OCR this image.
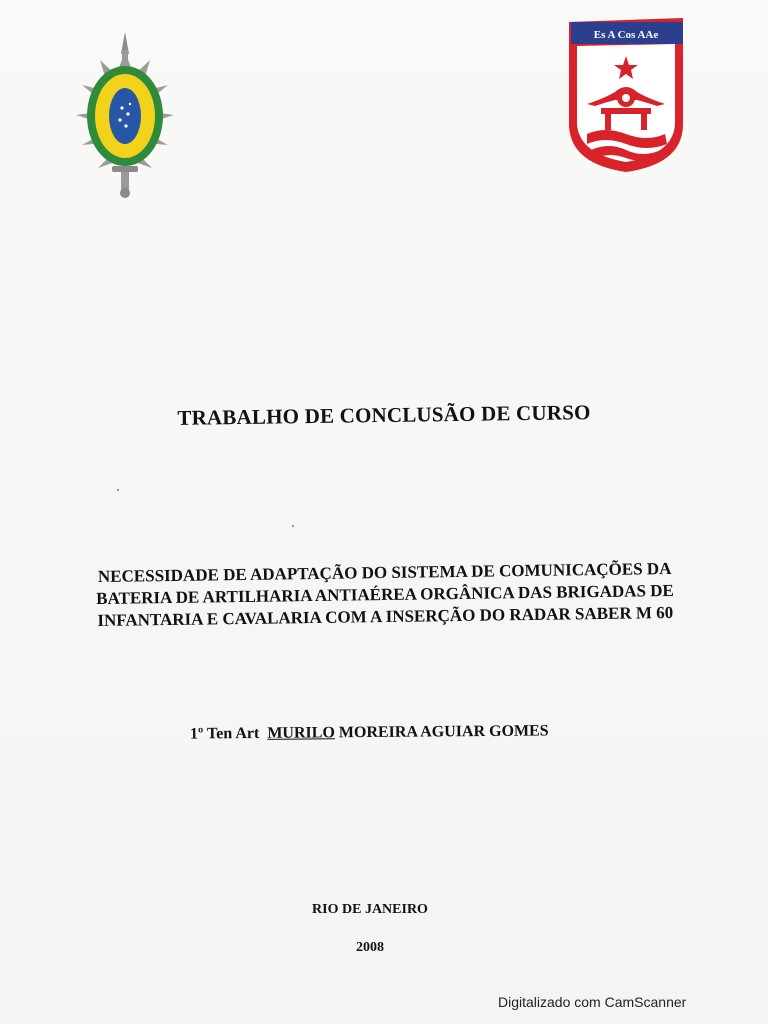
Es A Cos AAe
TRABALHO DE CONCLUSÃO DE CURSO
NECESSIDADE DE ADAPTAÇÃO DO SISTEMA DE COMUNICAÇÕES DA
BATERIA DE ARTILHARIA ANTIAÉREA ORGÂNICA DAS BRIGADAS DE
INFANTARIA E CAVALARIA COM A INSERÇÃO DO RADAR SABER M 60
1º Ten Art MURILO MOREIRA AGUIAR GOMES
RIO DE JANEIRO
2008
Digitalizado com CamScanner
